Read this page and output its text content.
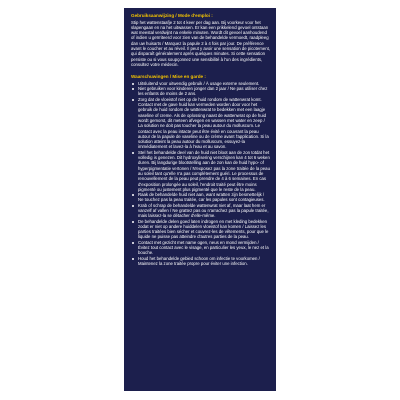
Gebruiksaanwijzing / Mode d'emploi :

Stip het wattenstaafje 2 tot 4 keer per dag aan. Bij voorkeur voor het slapengaan en na het uitwassen. Er kan een prikkelend gevoel ontstaan wat meestal verdwijnt na enkele minuten. Wordt dit gevoel aanhoudend of indien u geïrriteerd voor zien van de behandelde vermoedt, raadpleeg dan uw huisarts / Marquez la papule 2 à 4 fois par jour. De préférence avant le coucher et au réveil. Il peut y avoir une sensation de picotement, qui disparaît généralement après quelques minutes. Si cette sensation persiste ou si vous soupçonnez une sensibilité à l'un des ingrédients, consultez votre médecin.

Waarschuwingen / Mise en garde :
Uitsluitend voor uitwendig gebruik / À usage externe seulement.
Niet gebruiken voor kinderen jonger dan 2 jaar / Ne pas utiliser chez les enfants de moins de 2 ans.
Zorg dat de vloeistof niet op de huid rondom de wattenwrat komt. Contact met de gave huid kan vermeden worden door voor het gebruik de huid rondom de wattenwrat te bedekken met een laagje vaseline of creme. Als de oplossing naast de wattenwrat op de huid wordt gemorst, dit meteen afvegen en wassen met water en zeep / La solution ne doit pas toucher la peau autour du molluscum. Le contact avec la peau intacte peut être évité en couvrant la peau autour de la papule de vaseline ou de crème avant l'application. Si la solution atteint la peau autour du molluscum, essuyez-la immédiatement et lavez-la à l'eau et au savon.
Stel het behandelde deel van de huid niet bloot aan de zon totdat het volledig is genezen. Dit hydroxylisering verschijnen kan 4 tot 6 weken duren. Bij langdurige blootstelling aan de zon kan de huid hypo- of hyperpigmentatie vertonen / N'exposez pas la zone traitée de la peau au soleil tant qu'elle n'a pas complètement guéri. Le processus de renouvellement de la peau peut prendre de 4 à 6 semaines. En cas d'exposition prolongée au soleil, l'endroit traité peut être moins pigmenté ou justement plus pigmenté que le reste de la peau.
Raak de behandelde huid niet aan, want wratten zijn besmettelijk / Ne touchez pas la peau traitée, car les papules sont contagieuses.
Krab of schrap de behandelde wattenwrat niet af, maar laat hem er vanzelf af vallen / Ne grattez pas ou n'arrachez pas la papule traitée, mais laissez-la se détacher d'elle-même.
De behandelde delen goed laten indrogen en met kleding bedekken zodat er niet op andere huiddelen vloeistof kan komen / Laissez les parties traitées bien sécher et couvrez-les de vêtements, pour que le liquide ne puisse pas atteindre d'autres parties de la peau.
Contact met gezicht met name ogen, neus en mond vermijden / Évitez tout contact avec le visage, en particulier les yeux, le nez et la bouche.
Houd het behandelde gebied schoon om infectie te voorkomen / Maintenez la zone traitée propre pour éviter une infection.
